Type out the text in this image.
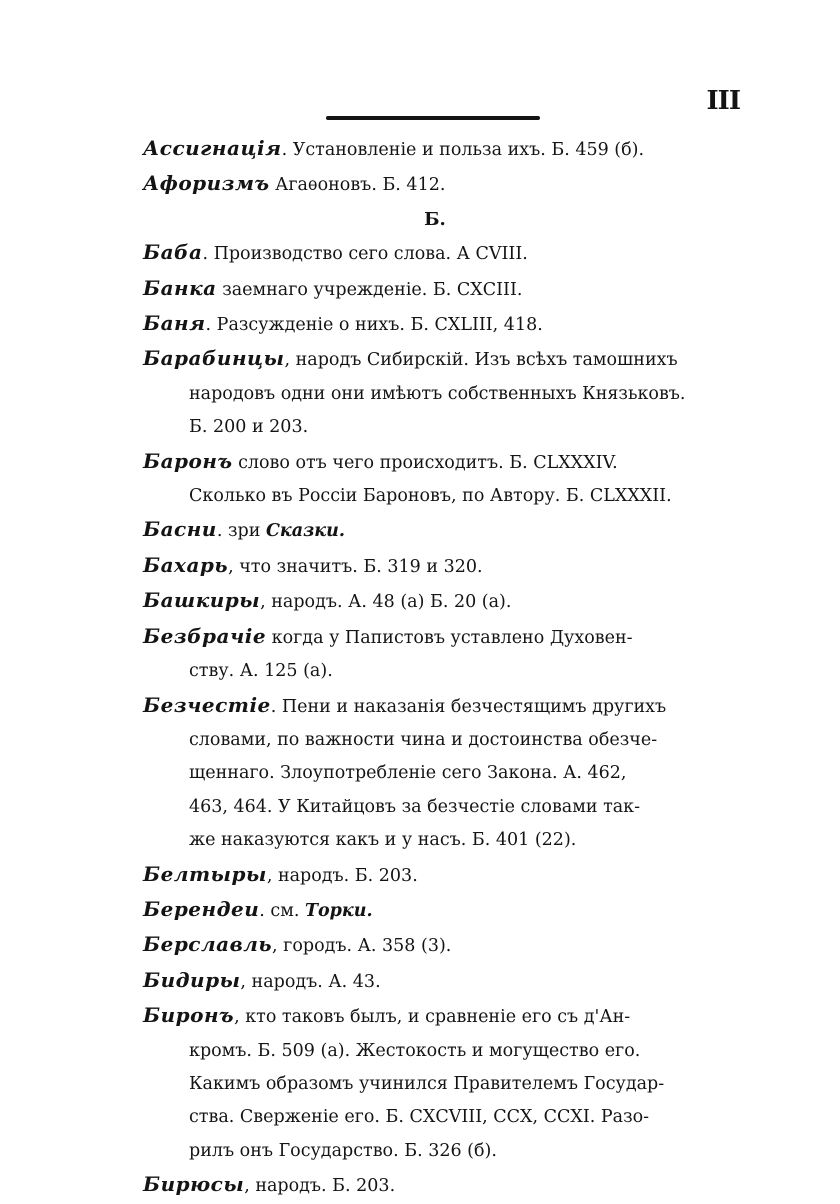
III

Ассигнацiя. Установленiе и польза ихъ. Б. 459 (б).

Афоризмъ Агаѳоновъ. Б. 412.

Б.

Баба. Производство сего слова. А СVIII.

Банка заемнаго учрежденiе. Б. СХСIII.

Баня. Разсужденiе о нихъ. Б. СХLIII, 418.

Барабинцы, народъ Сибирскiй. Изъ всѣхъ тамошнихъ
народовъ одни они имѣютъ собственныхъ Князьковъ.
Б. 200 и 203.

Баронъ слово отъ чего происходитъ. Б. СLХХХIV.
Сколько въ Россiи Бароновъ, по Автору. Б. СLХХХII.

Басни. зри Сказки.

Бахарь, что значитъ. Б. 319 и 320.

Башкиры, народъ. А. 48 (а) Б. 20 (а).

Безбрачiе когда у Папистовъ уставлено Духовен-
ству. А. 125 (а).

Безчестiе. Пени и наказанiя безчестящимъ другихъ
словами, по важности чина и достоинства обезче-
щеннаго. Злоупотребленiе сего Закона. А. 462,
463, 464. У Китайцовъ за безчестiе словами так-
же наказуются какъ и у насъ. Б. 401 (22).

Белтыры, народъ. Б. 203.

Берендеи. см. Торки.

Берславль, городъ. А. 358 (3).

Бидиры, народъ. А. 43.

Биронъ, кто таковъ былъ, и сравненiе его съ д'Ан-
кромъ. Б. 509 (а). Жестокость и могущество его.
Какимъ образомъ учинился Правителемъ Государ-
ства. Сверженiе его. Б. СХСVIII, ССХ, ССХI. Разо-
рилъ онъ Государство. Б. 326 (б).

Бирюсы, народъ. Б. 203.
